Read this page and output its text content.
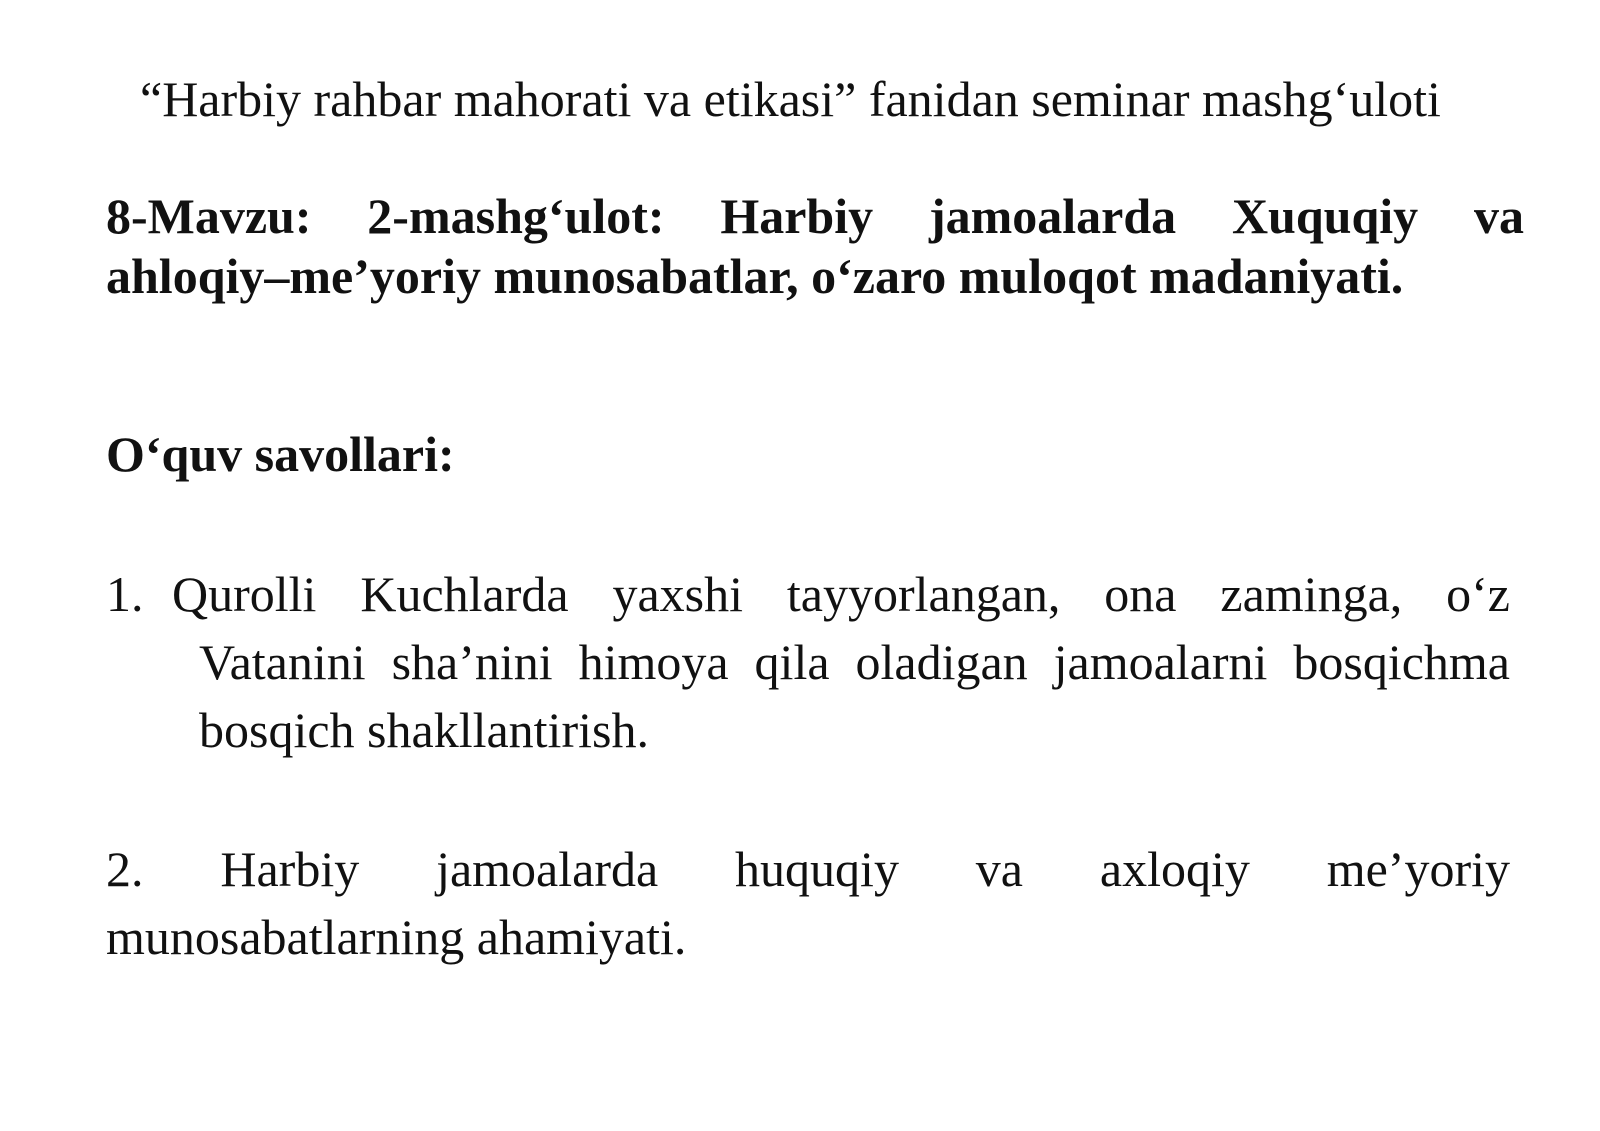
“Harbiy rahbar mahorati va etikasi” fanidan seminar mashg‘uloti

8-Mavzu: 2-mashg‘ulot: Harbiy jamoalarda Xuquqiy va
ahloqiy–me’yoriy munosabatlar, o‘zaro muloqot madaniyati.

O‘quv savollari:

1. Qurolli Kuchlarda yaxshi tayyorlangan, ona zaminga, o‘z
Vatanini sha’nini himoya qila oladigan jamoalarni bosqichma
bosqich shakllantirish.
2. Harbiy jamoalarda huquqiy va axloqiy me’yoriy
munosabatlarning ahamiyati.
